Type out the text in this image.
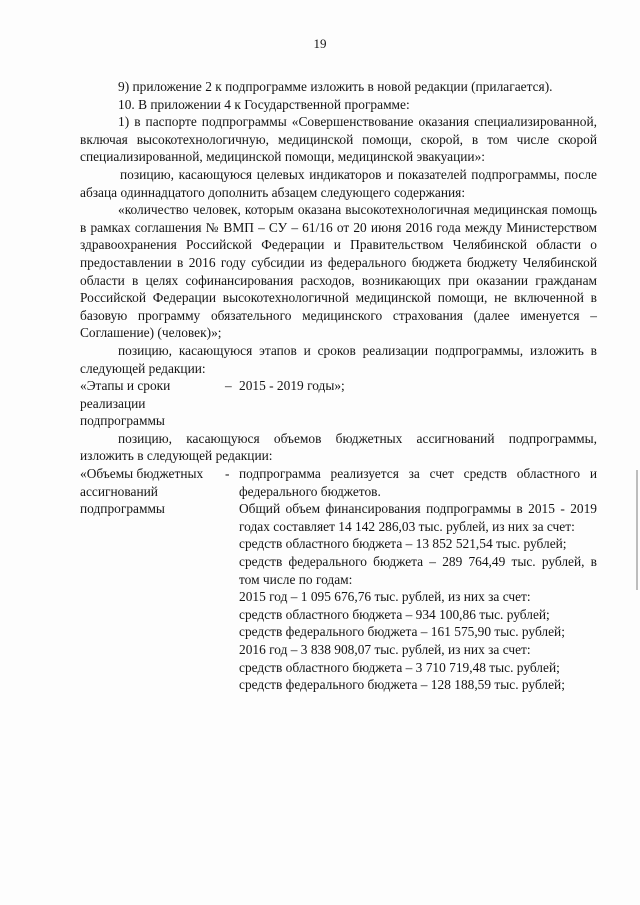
19

9) приложение 2 к подпрограмме изложить в новой редакции (прилагается).

10. В приложении 4 к Государственной программе:

1) в паспорте подпрограммы «Совершенствование оказания специализированной, включая высокотехнологичную, медицинской помощи, скорой, в том числе скорой специализированной, медицинской помощи, медицинской эвакуации»:

позицию, касающуюся целевых индикаторов и показателей подпрограммы, после абзаца одиннадцатого дополнить абзацем следующего содержания:

«количество человек, которым оказана высокотехнологичная медицинская помощь в рамках соглашения № ВМП – СУ – 61/16 от 20 июня 2016 года между Министерством здравоохранения Российской Федерации и Правительством Челябинской области о предоставлении в 2016 году субсидии из федерального бюджета бюджету Челябинской области в целях софинансирования расходов, возникающих при оказании гражданам Российской Федерации высокотехнологичной медицинской помощи, не включенной в базовую программу обязательного медицинского страхования (далее именуется – Соглашение) (человек)»;

позицию, касающуюся этапов и сроков реализации подпрограммы, изложить в следующей редакции:

«Этапы и сроки реализации подпрограммы
– 2015 - 2019 годы»;

позицию, касающуюся объемов бюджетных ассигнований подпрограммы, изложить в следующей редакции:

«Объемы бюджетных ассигнований подпрограммы
- подпрограмма реализуется за счет средств областного и федерального бюджетов.

Общий объем финансирования подпрограммы в 2015 - 2019 годах составляет 14 142 286,03 тыс. рублей, из них за счет:

средств областного бюджета – 13 852 521,54 тыс. рублей;

средств федерального бюджета – 289 764,49 тыс. рублей, в том числе по годам:

2015 год – 1 095 676,76 тыс. рублей, из них за счет:

средств областного бюджета – 934 100,86 тыс. рублей;

средств федерального бюджета – 161 575,90 тыс. рублей;

2016 год – 3 838 908,07 тыс. рублей, из них за счет:

средств областного бюджета – 3 710 719,48 тыс. рублей;

средств федерального бюджета – 128 188,59 тыс. рублей;
